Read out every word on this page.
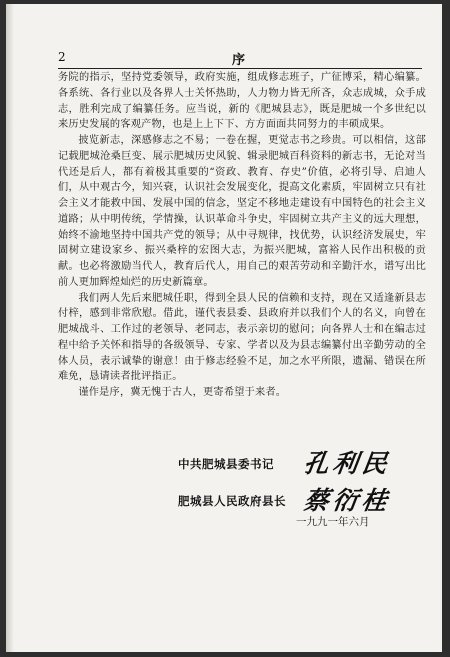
2	序

务院的指示，坚持党委领导，政府实施，组成修志班子，广征博采，精心编纂。各系统、各行业以及各界人士关怀热助，人力物力皆无所吝，众志成城，众手成志，胜利完成了编纂任务。应当说，新的《肥城县志》，既是肥城一个多世纪以来历史发展的客观产物，也是上上下下、方方面面共同努力的丰硕成果。

披览新志，深感修志之不易；一卷在握，更觉志书之珍贵。可以相信，这部记载肥城沧桑巨变、展示肥城历史风貌、辑录肥城百科资料的新志书，无论对当代还是后人，都有着极其重要的“资政、教育、存史”价值，必将引导、启迪人们，从中观古今，知兴衰，认识社会发展变化，提高文化素质，牢固树立只有社会主义才能救中国、发展中国的信念，坚定不移地走建设有中国特色的社会主义道路；从中明传统，学情操，认识革命斗争史，牢固树立共产主义的远大理想，始终不渝地坚持中国共产党的领导；从中寻规律，找优势，认识经济发展史，牢固树立建设家乡、振兴桑梓的宏图大志，为振兴肥城，富裕人民作出积极的贡献。也必将激励当代人，教育后代人，用自己的艰苦劳动和辛勤汗水，谱写出比前人更加辉煌灿烂的历史新篇章。

我们两人先后来肥城任职，得到全县人民的信赖和支持，现在又适逢新县志付梓，感到非常欣慰。借此，谨代表县委、县政府并以我们个人的名义，向曾在肥城战斗、工作过的老领导、老同志，表示亲切的慰问；向各界人士和在编志过程中给予关怀和指导的各级领导、专家、学者以及为县志编纂付出辛勤劳动的全体人员，表示诚挚的谢意！由于修志经验不足，加之水平所限，遗漏、错误在所难免，恳请读者批评指正。

谨作是序，冀无愧于古人，更寄希望于来者。

中共肥城县委书记 孔利民
肥城县人民政府县长 蔡衍桂
一九九一年六月
